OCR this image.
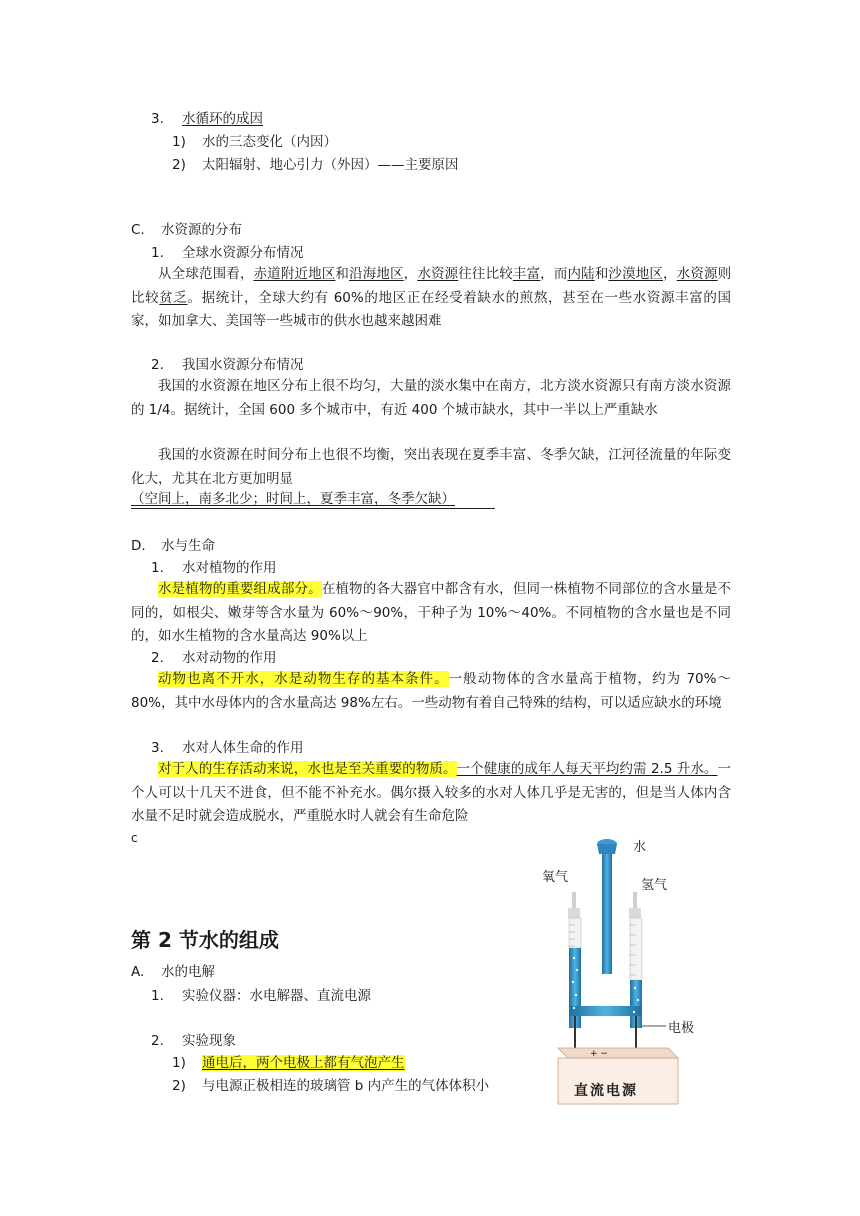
3. 水循环的成因
1) 水的三态变化（内因）
2) 太阳辐射、地心引力（外因）——主要原因
C. 水资源的分布
1. 全球水资源分布情况
从全球范围看，赤道附近地区和沿海地区，水资源往往比较丰富，而内陆和沙漠地区，水资源则比较贫乏。据统计，全球大约有 60%的地区正在经受着缺水的煎熬，甚至在一些水资源丰富的国家，如加拿大、美国等一些城市的供水也越来越困难
2. 我国水资源分布情况
我国的水资源在地区分布上很不均匀，大量的淡水集中在南方，北方淡水资源只有南方淡水资源的 1/4。据统计，全国 600 多个城市中，有近 400 个城市缺水，其中一半以上严重缺水
我国的水资源在时间分布上也很不均衡，突出表现在夏季丰富、冬季欠缺，江河径流量的年际变化大，尤其在北方更加明显
（空间上，南多北少；时间上，夏季丰富，冬季欠缺）
D. 水与生命
1. 水对植物的作用
水是植物的重要组成部分。在植物的各大器官中都含有水，但同一株植物不同部位的含水量是不同的，如根尖、嫩芽等含水量为 60%～90%，干种子为 10%～40%。不同植物的含水量也是不同的，如水生植物的含水量高达 90%以上
2. 水对动物的作用
动物也离不开水，水是动物生存的基本条件。一般动物体的含水量高于植物，约为 70%～80%，其中水母体内的含水量高达 98%左右。一些动物有着自己特殊的结构，可以适应缺水的环境
3. 水对人体生命的作用
对于人的生存活动来说，水也是至关重要的物质。一个健康的成年人每天平均约需 2.5 升水。一个人可以十几天不进食，但不能不补充水。偶尔摄入较多的水对人体几乎是无害的，但是当人体内含水量不足时就会造成脱水，严重脱水时人就会有生命危险
c
第 2 节水的组成
A. 水的电解
1. 实验仪器：水电解器、直流电源
2. 实验现象
1) 通电后，两个电极上都有气泡产生
2) 与电源正极相连的玻璃管 b 内产生的气体体积小
水
氧气
氢气
电极
+ −
直流电源
